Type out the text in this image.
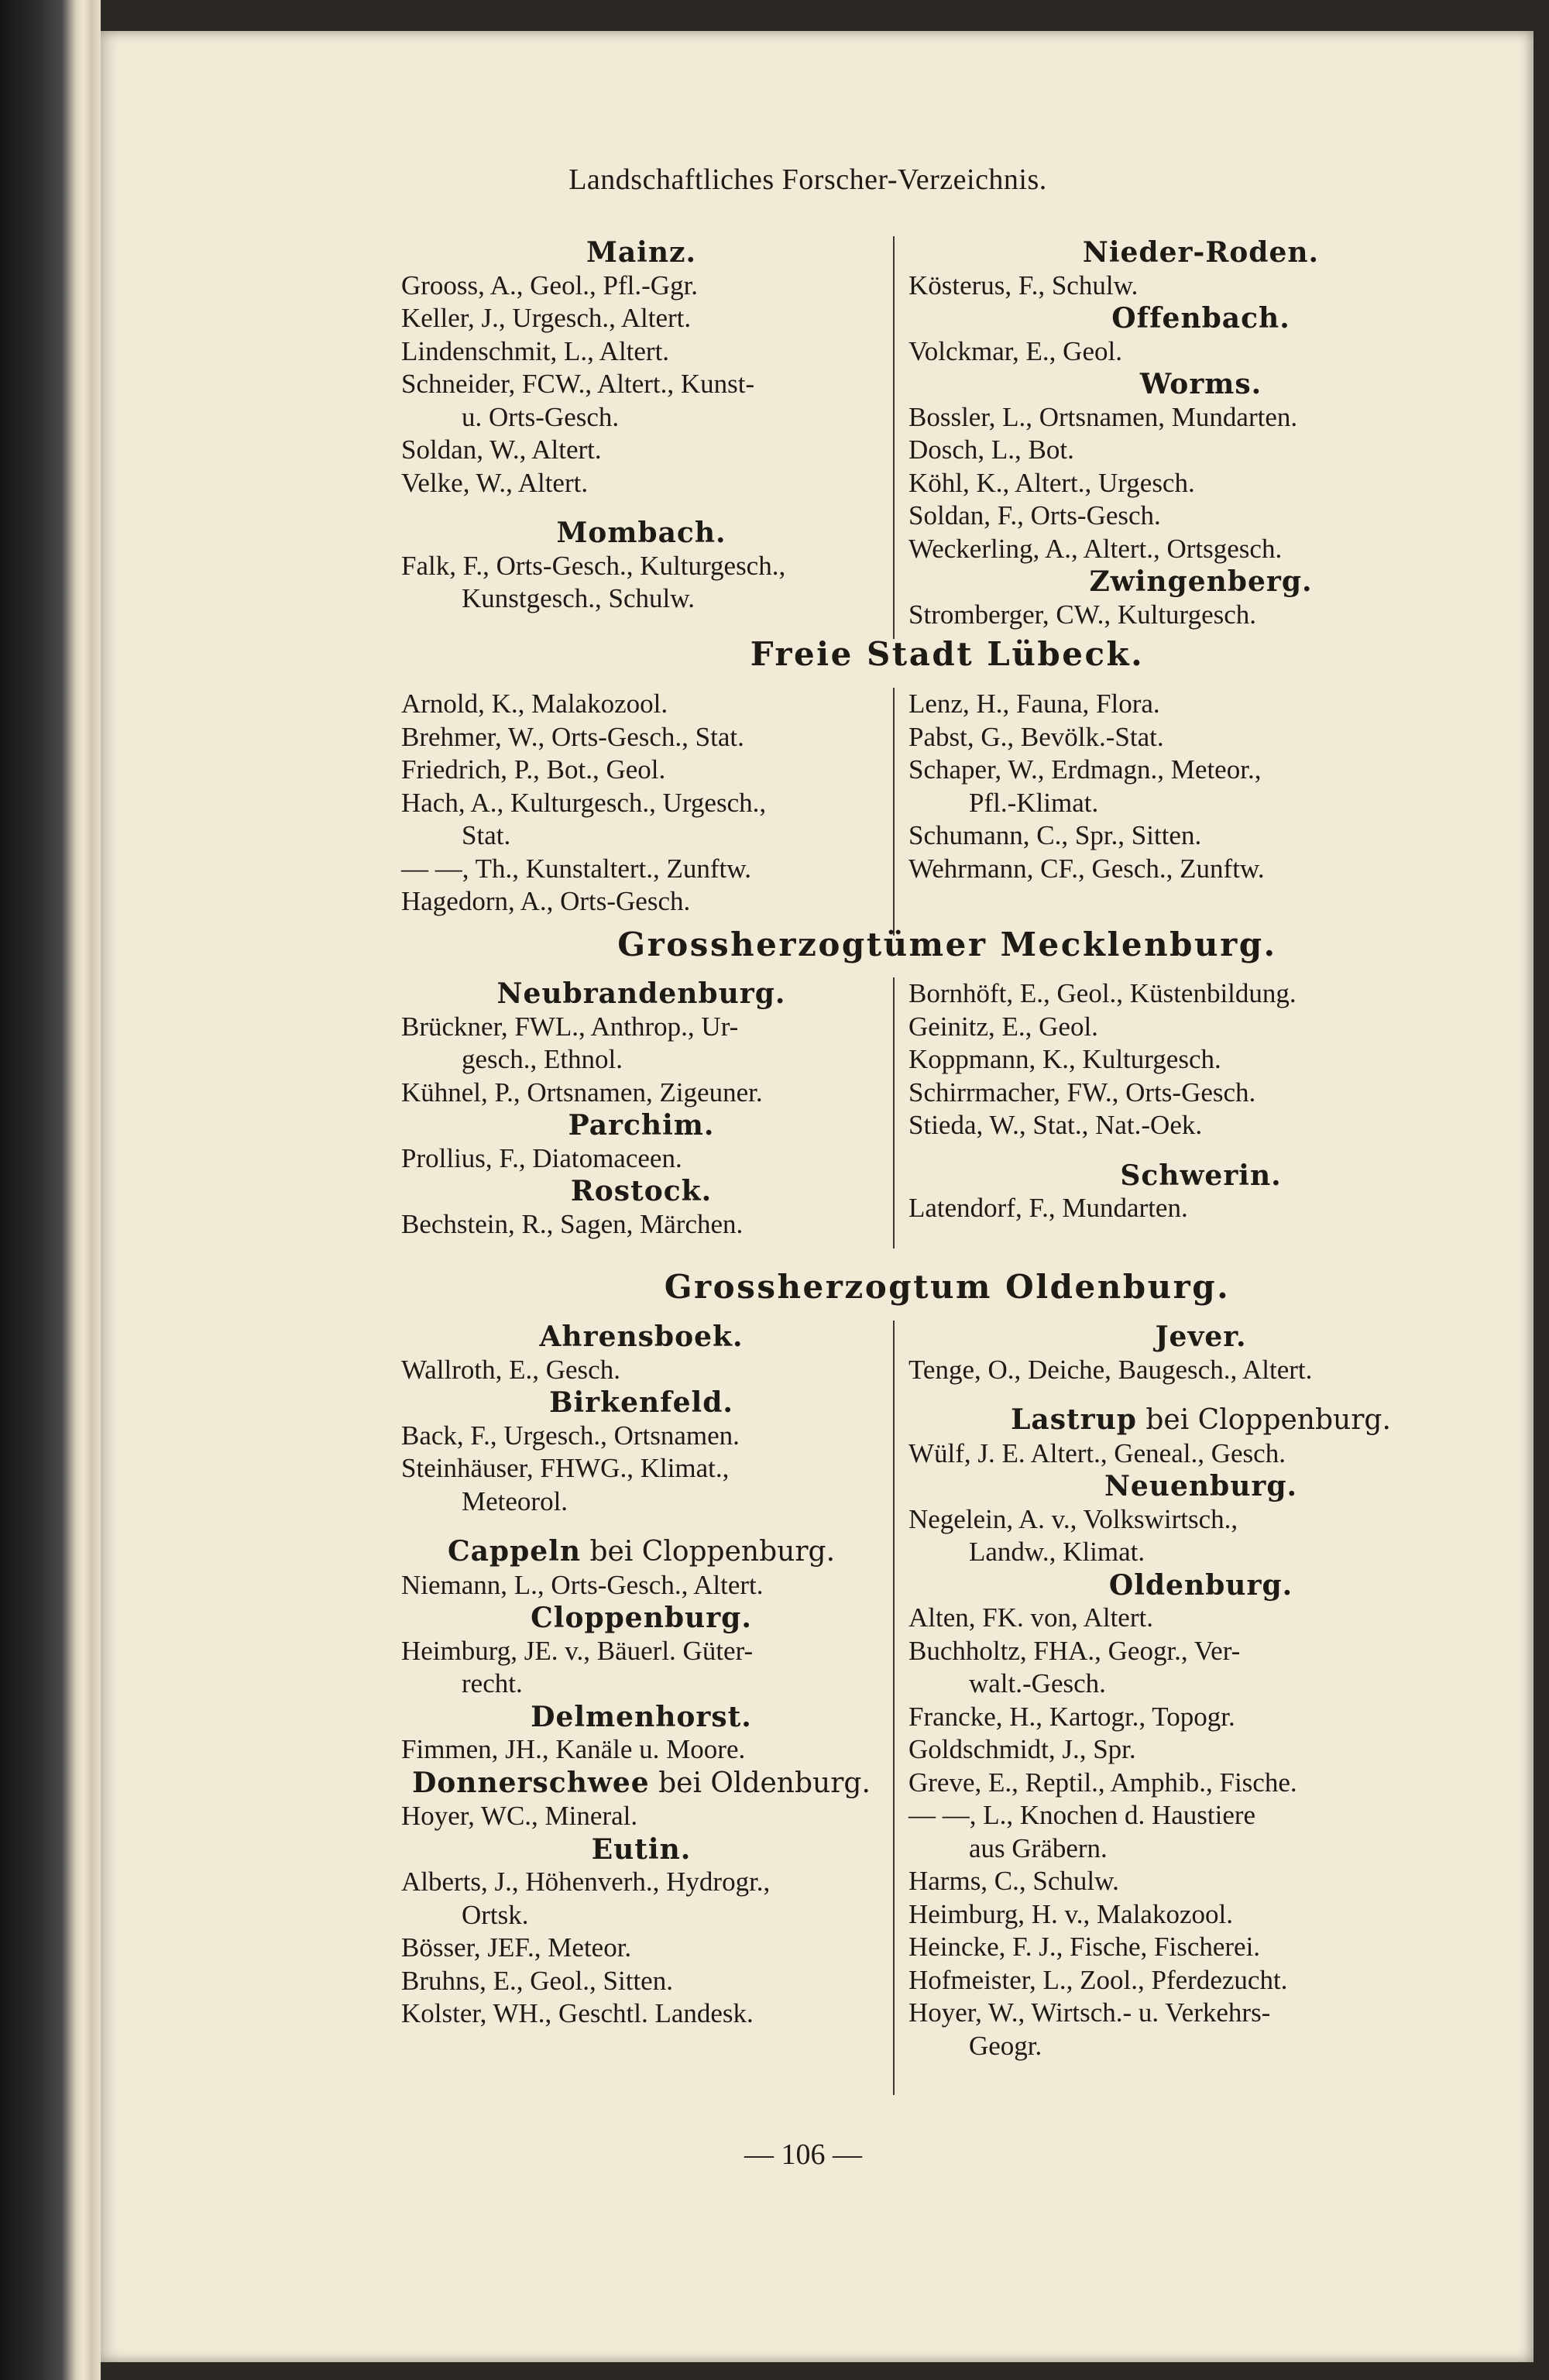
Landschaftliches Forscher-Verzeichnis.
Mainz.
Grooss, A., Geol., Pfl.-Ggr.
Keller, J., Urgesch., Altert.
Lindenschmit, L., Altert.
Schneider, FCW., Altert., Kunst-
u. Orts-Gesch.
Soldan, W., Altert.
Velke, W., Altert.
Mombach.
Falk, F., Orts-Gesch., Kulturgesch.,
Kunstgesch., Schulw.
Nieder-Roden.
Kösterus, F., Schulw.
Offenbach.
Volckmar, E., Geol.
Worms.
Bossler, L., Ortsnamen, Mundarten.
Dosch, L., Bot.
Köhl, K., Altert., Urgesch.
Soldan, F., Orts-Gesch.
Weckerling, A., Altert., Ortsgesch.
Zwingenberg.
Stromberger, CW., Kulturgesch.
Freie Stadt Lübeck.
Arnold, K., Malakozool.
Brehmer, W., Orts-Gesch., Stat.
Friedrich, P., Bot., Geol.
Hach, A., Kulturgesch., Urgesch.,
Stat.
— —, Th., Kunstaltert., Zunftw.
Hagedorn, A., Orts-Gesch.
Lenz, H., Fauna, Flora.
Pabst, G., Bevölk.-Stat.
Schaper, W., Erdmagn., Meteor.,
Pfl.-Klimat.
Schumann, C., Spr., Sitten.
Wehrmann, CF., Gesch., Zunftw.
Grossherzogtümer Mecklenburg.
Neubrandenburg.
Brückner, FWL., Anthrop., Ur-
gesch., Ethnol.
Kühnel, P., Ortsnamen, Zigeuner.
Parchim.
Prollius, F., Diatomaceen.
Rostock.
Bechstein, R., Sagen, Märchen.
Bornhöft, E., Geol., Küstenbildung.
Geinitz, E., Geol.
Koppmann, K., Kulturgesch.
Schirrmacher, FW., Orts-Gesch.
Stieda, W., Stat., Nat.-Oek.
Schwerin.
Latendorf, F., Mundarten.
Grossherzogtum Oldenburg.
Ahrensboek.
Wallroth, E., Gesch.
Birkenfeld.
Back, F., Urgesch., Ortsnamen.
Steinhäuser, FHWG., Klimat.,
Meteorol.
Cappeln bei Cloppenburg.
Niemann, L., Orts-Gesch., Altert.
Cloppenburg.
Heimburg, JE. v., Bäuerl. Güter-
recht.
Delmenhorst.
Fimmen, JH., Kanäle u. Moore.
Donnerschwee bei Oldenburg.
Hoyer, WC., Mineral.
Eutin.
Alberts, J., Höhenverh., Hydrogr.,
Ortsk.
Bösser, JEF., Meteor.
Bruhns, E., Geol., Sitten.
Kolster, WH., Geschtl. Landesk.
Jever.
Tenge, O., Deiche, Baugesch., Altert.
Lastrup bei Cloppenburg.
Wülf, J. E. Altert., Geneal., Gesch.
Neuenburg.
Negelein, A. v., Volkswirtsch.,
Landw., Klimat.
Oldenburg.
Alten, FK. von, Altert.
Buchholtz, FHA., Geogr., Ver-
walt.-Gesch.
Francke, H., Kartogr., Topogr.
Goldschmidt, J., Spr.
Greve, E., Reptil., Amphib., Fische.
— —, L., Knochen d. Haustiere
aus Gräbern.
Harms, C., Schulw.
Heimburg, H. v., Malakozool.
Heincke, F. J., Fische, Fischerei.
Hofmeister, L., Zool., Pferdezucht.
Hoyer, W., Wirtsch.- u. Verkehrs-
Geogr.
— 106 —
